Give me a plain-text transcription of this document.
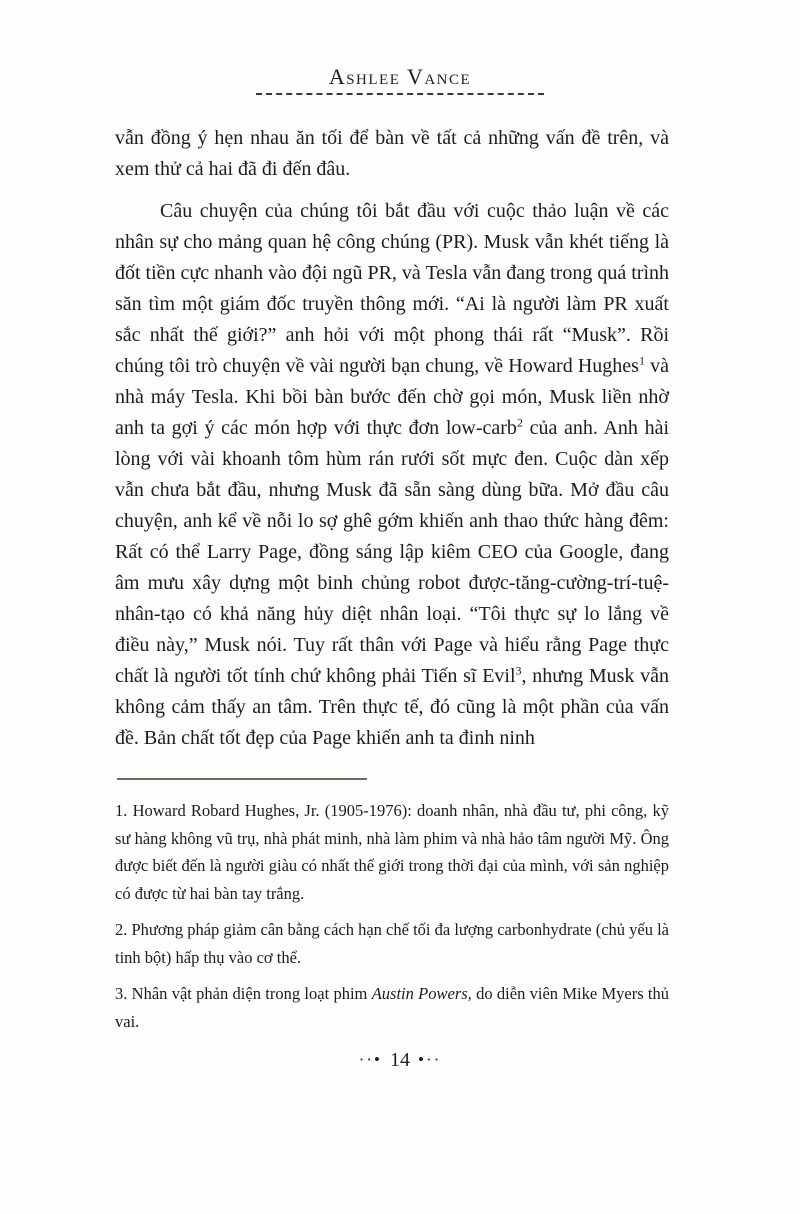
Ashlee Vance

vẫn đồng ý hẹn nhau ăn tối để bàn về tất cả những vấn đề trên, và xem thử cả hai đã đi đến đâu.

Câu chuyện của chúng tôi bắt đầu với cuộc thảo luận về các nhân sự cho mảng quan hệ công chúng (PR). Musk vẫn khét tiếng là đốt tiền cực nhanh vào đội ngũ PR, và Tesla vẫn đang trong quá trình săn tìm một giám đốc truyền thông mới. “Ai là người làm PR xuất sắc nhất thế giới?” anh hỏi với một phong thái rất “Musk”. Rồi chúng tôi trò chuyện về vài người bạn chung, về Howard Hughes$^1$ và nhà máy Tesla. Khi bồi bàn bước đến chờ gọi món, Musk liền nhờ anh ta gợi ý các món hợp với thực đơn low-carb$^2$ của anh. Anh hài lòng với vài khoanh tôm hùm rán rưới sốt mực đen. Cuộc dàn xếp vẫn chưa bắt đầu, nhưng Musk đã sẵn sàng dùng bữa. Mở đầu câu chuyện, anh kể về nỗi lo sợ ghê gớm khiến anh thao thức hàng đêm: Rất có thể Larry Page, đồng sáng lập kiêm CEO của Google, đang âm mưu xây dựng một binh chủng robot được-tăng-cường-trí-tuệ-nhân-tạo có khả năng hủy diệt nhân loại. “Tôi thực sự lo lắng về điều này,” Musk nói. Tuy rất thân với Page và hiểu rằng Page thực chất là người tốt tính chứ không phải Tiến sĩ Evil$^3$, nhưng Musk vẫn không cảm thấy an tâm. Trên thực tế, đó cũng là một phần của vấn đề. Bản chất tốt đẹp của Page khiến anh ta đinh ninh

1. Howard Robard Hughes, Jr. (1905-1976): doanh nhân, nhà đầu tư, phi công, kỹ sư hàng không vũ trụ, nhà phát minh, nhà làm phim và nhà hảo tâm người Mỹ. Ông được biết đến là người giàu có nhất thế giới trong thời đại của mình, với sản nghiệp có được từ hai bàn tay trắng.

2. Phương pháp giảm cân bằng cách hạn chế tối đa lượng carbonhydrate (chủ yếu là tinh bột) hấp thụ vào cơ thể.

3. Nhân vật phản diện trong loạt phim Austin Powers, do diễn viên Mike Myers thủ vai.

··• 14 •··
